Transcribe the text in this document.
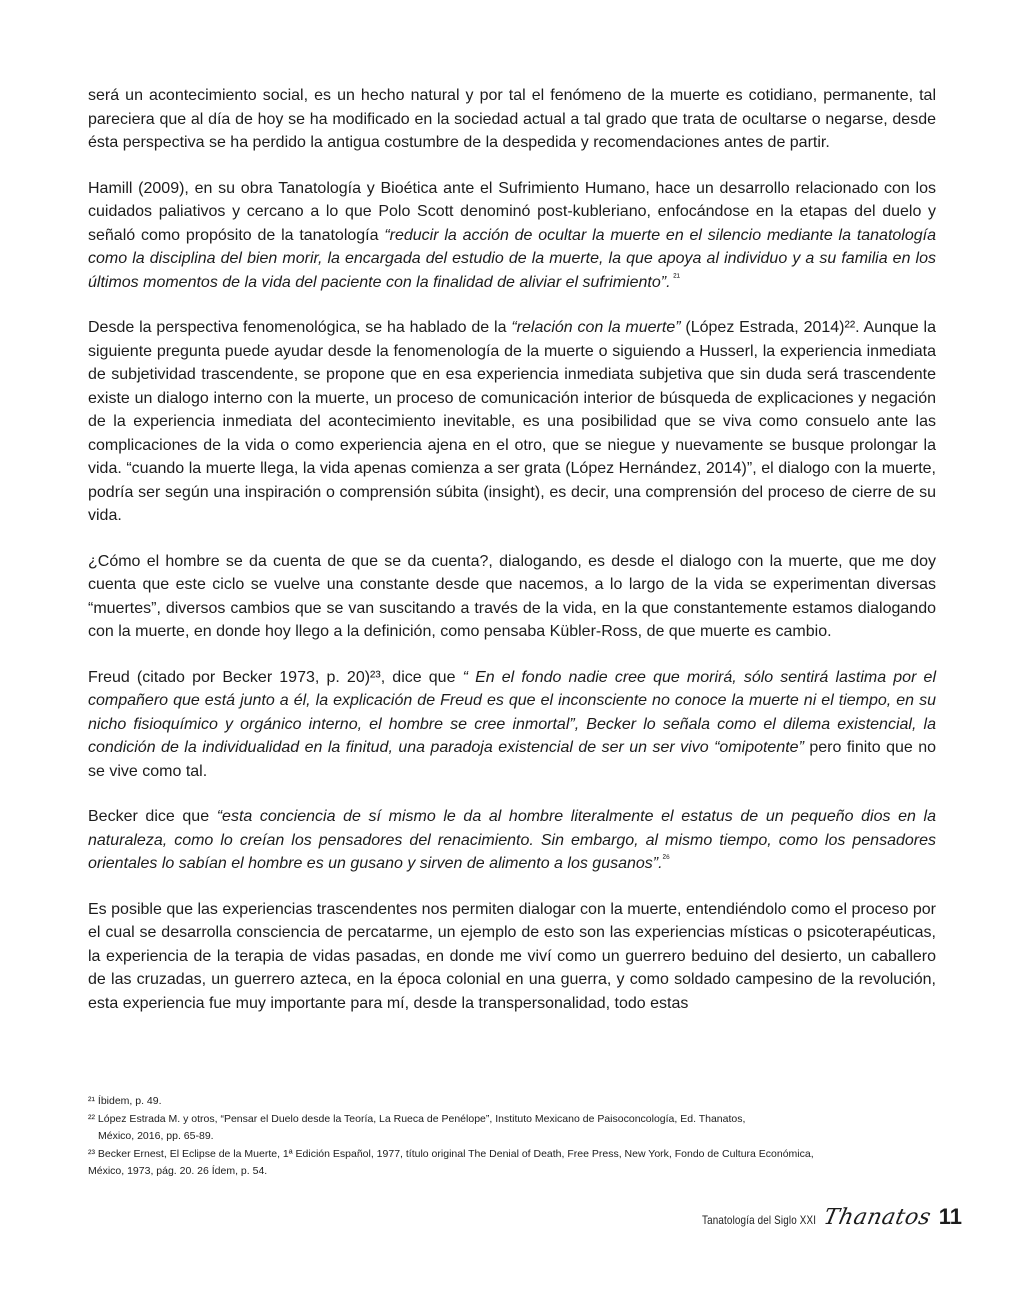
será un acontecimiento social, es un hecho natural y por tal el fenómeno de la muerte es cotidiano, permanente, tal pareciera que al día de hoy se ha modificado en la sociedad actual a tal grado que trata de ocultarse o negarse, desde ésta perspectiva se ha perdido la antigua costumbre de la despedida y recomendaciones antes de partir.

Hamill (2009), en su obra Tanatología y Bioética ante el Sufrimiento Humano, hace un desarrollo relacionado con los cuidados paliativos y cercano a lo que Polo Scott denominó post-kubleriano, enfocándose en la etapas del duelo y señaló como propósito de la tanatología “reducir la acción de ocultar la muerte en el silencio mediante la tanatología como la disciplina del bien morir, la encargada del estudio de la muerte, la que apoya al individuo y a su familia en los últimos momentos de la vida del paciente con la finalidad de aliviar el sufrimiento”. $^{^{21}}$

Desde la perspectiva fenomenológica, se ha hablado de la “relación con la muerte” (López Estrada, 2014)²². Aunque la siguiente pregunta puede ayudar desde la fenomenología de la muerte o siguiendo a Husserl, la experiencia inmediata de subjetividad trascendente, se propone que en esa experiencia inmediata subjetiva que sin duda será trascendente existe un dialogo interno con la muerte, un proceso de comunicación interior de búsqueda de explicaciones y negación de la experiencia inmediata del acontecimiento inevitable, es una posibilidad que se viva como consuelo ante las complicaciones de la vida o como experiencia ajena en el otro, que se niegue y nuevamente se busque prolongar la vida. “cuando la muerte llega, la vida apenas comienza a ser grata (López Hernández, 2014)”, el dialogo con la muerte, podría ser según una inspiración o comprensión súbita (insight), es decir, una comprensión del proceso de cierre de su vida.

¿Cómo el hombre se da cuenta de que se da cuenta?, dialogando, es desde el dialogo con la muerte, que me doy cuenta que este ciclo se vuelve una constante desde que nacemos, a lo largo de la vida se experimentan diversas “muertes”, diversos cambios que se van suscitando a través de la vida, en la que constantemente estamos dialogando con la muerte, en donde hoy llego a la definición, como pensaba Kübler-Ross, de que muerte es cambio.

Freud (citado por Becker 1973, p. 20)²³, dice que “ En el fondo nadie cree que morirá, sólo sentirá lastima por el compañero que está junto a él, la explicación de Freud es que el inconsciente no conoce la muerte ni el tiempo, en su nicho fisioquímico y orgánico interno, el hombre se cree inmortal”, Becker lo señala como el dilema existencial, la condición de la individualidad en la finitud, una paradoja existencial de ser un ser vivo “omipotente” pero finito que no se vive como tal.

Becker dice que “esta conciencia de sí mismo le da al hombre literalmente el estatus de un pequeño dios en la naturaleza, como lo creían los pensadores del renacimiento. Sin embargo, al mismo tiempo, como los pensadores orientales lo sabían el hombre es un gusano y sirven de alimento a los gusanos”.$^{^{26}}$

Es posible que las experiencias trascendentes nos permiten dialogar con la muerte, entendiéndolo como el proceso por el cual se desarrolla consciencia de percatarme, un ejemplo de esto son las experiencias místicas o psicoterapéuticas, la experiencia de la terapia de vidas pasadas, en donde me viví como un guerrero beduino del desierto, un caballero de las cruzadas, un guerrero azteca, en la época colonial en una guerra, y como soldado campesino de la revolución, esta experiencia fue muy importante para mí, desde la transpersonalidad, todo estas

²¹ Íbidem, p. 49.

²² López Estrada M. y otros, “Pensar el Duelo desde la Teoría, La Rueca de Penélope”, Instituto Mexicano de Paisoconcología, Ed. Thanatos,

México, 2016, pp. 65-89.

²³ Becker Ernest, El Eclipse de la Muerte, 1ª Edición Español, 1977, título original The Denial of Death, Free Press, New York, Fondo de Cultura Económica,

México, 1973, pág. 20. 26 Ídem, p. 54.

Tanatología del Siglo XXI Thanatos 11
